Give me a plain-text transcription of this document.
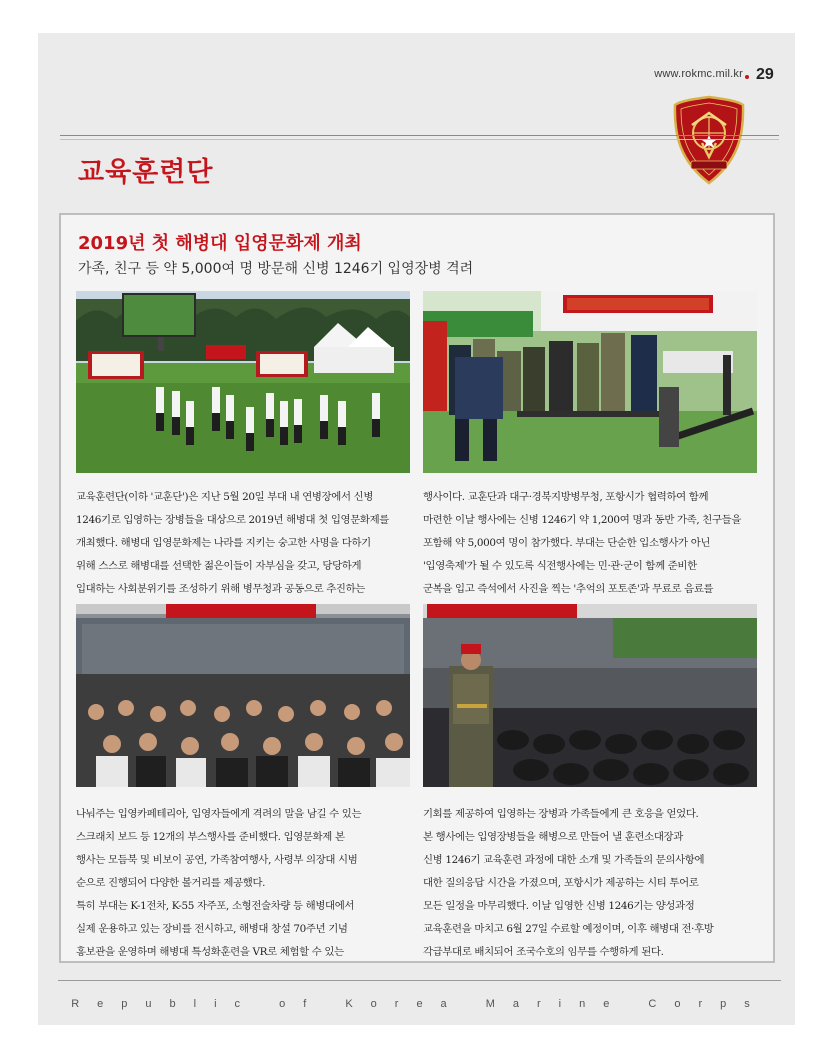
www.rokmc.mil.kr 29
교육훈련단
2019년 첫 해병대 입영문화제 개최
가족, 친구 등 약 5,000여 명 방문해 신병 1246기 입영장병 격려
교육훈련단(이하 '교훈단')은 지난 5월 20일 부대 내 연병장에서 신병
1246기로 입영하는 장병들을 대상으로 2019년 해병대 첫 입영문화제를
개최했다. 해병대 입영문화제는 나라를 지키는 숭고한 사명을 다하기
위해 스스로 해병대를 선택한 젊은이들이 자부심을 갖고, 당당하게
입대하는 사회분위기를 조성하기 위해 병무청과 공동으로 추진하는
행사이다. 교훈단과 대구·경북지방병무청, 포항시가 협력하여 함께
마련한 이날 행사에는 신병 1246기 약 1,200여 명과 동반 가족, 친구들을
포함해 약 5,000여 명이 참가했다. 부대는 단순한 입소행사가 아닌
'입영축제'가 될 수 있도록 식전행사에는 민·관·군이 함께 준비한
군복을 입고 즉석에서 사진을 찍는 '추억의 포토존'과 무료로 음료를
나눠주는 입영카페테리아, 입영자들에게 격려의 말을 남길 수 있는
스크래치 보드 등 12개의 부스행사를 준비했다. 입영문화제 본
행사는 모듬북 및 비보이 공연, 가족참여행사, 사령부 의장대 시범
순으로 진행되어 다양한 볼거리를 제공했다.
특히 부대는 K-1전차, K-55 자주포, 소형전술차량 등 해병대에서
실제 운용하고 있는 장비를 전시하고, 해병대 창설 70주년 기념
홍보관을 운영하며 해병대 특성화훈련을 VR로 체험할 수 있는
기회를 제공하여 입영하는 장병과 가족들에게 큰 호응을 얻었다.
본 행사에는 입영장병들을 해병으로 만들어 낼 훈련소대장과
신병 1246기 교육훈련 과정에 대한 소개 및 가족들의 문의사항에
대한 질의응답 시간을 가졌으며, 포항시가 제공하는 시티 투어로
모든 일정을 마무리했다. 이날 입영한 신병 1246기는 양성과정
교육훈련을 마치고 6월 27일 수료할 예정이며, 이후 해병대 전·후방
각급부대로 배치되어 조국수호의 임무를 수행하게 된다.
Republic of Korea Marine Corps
